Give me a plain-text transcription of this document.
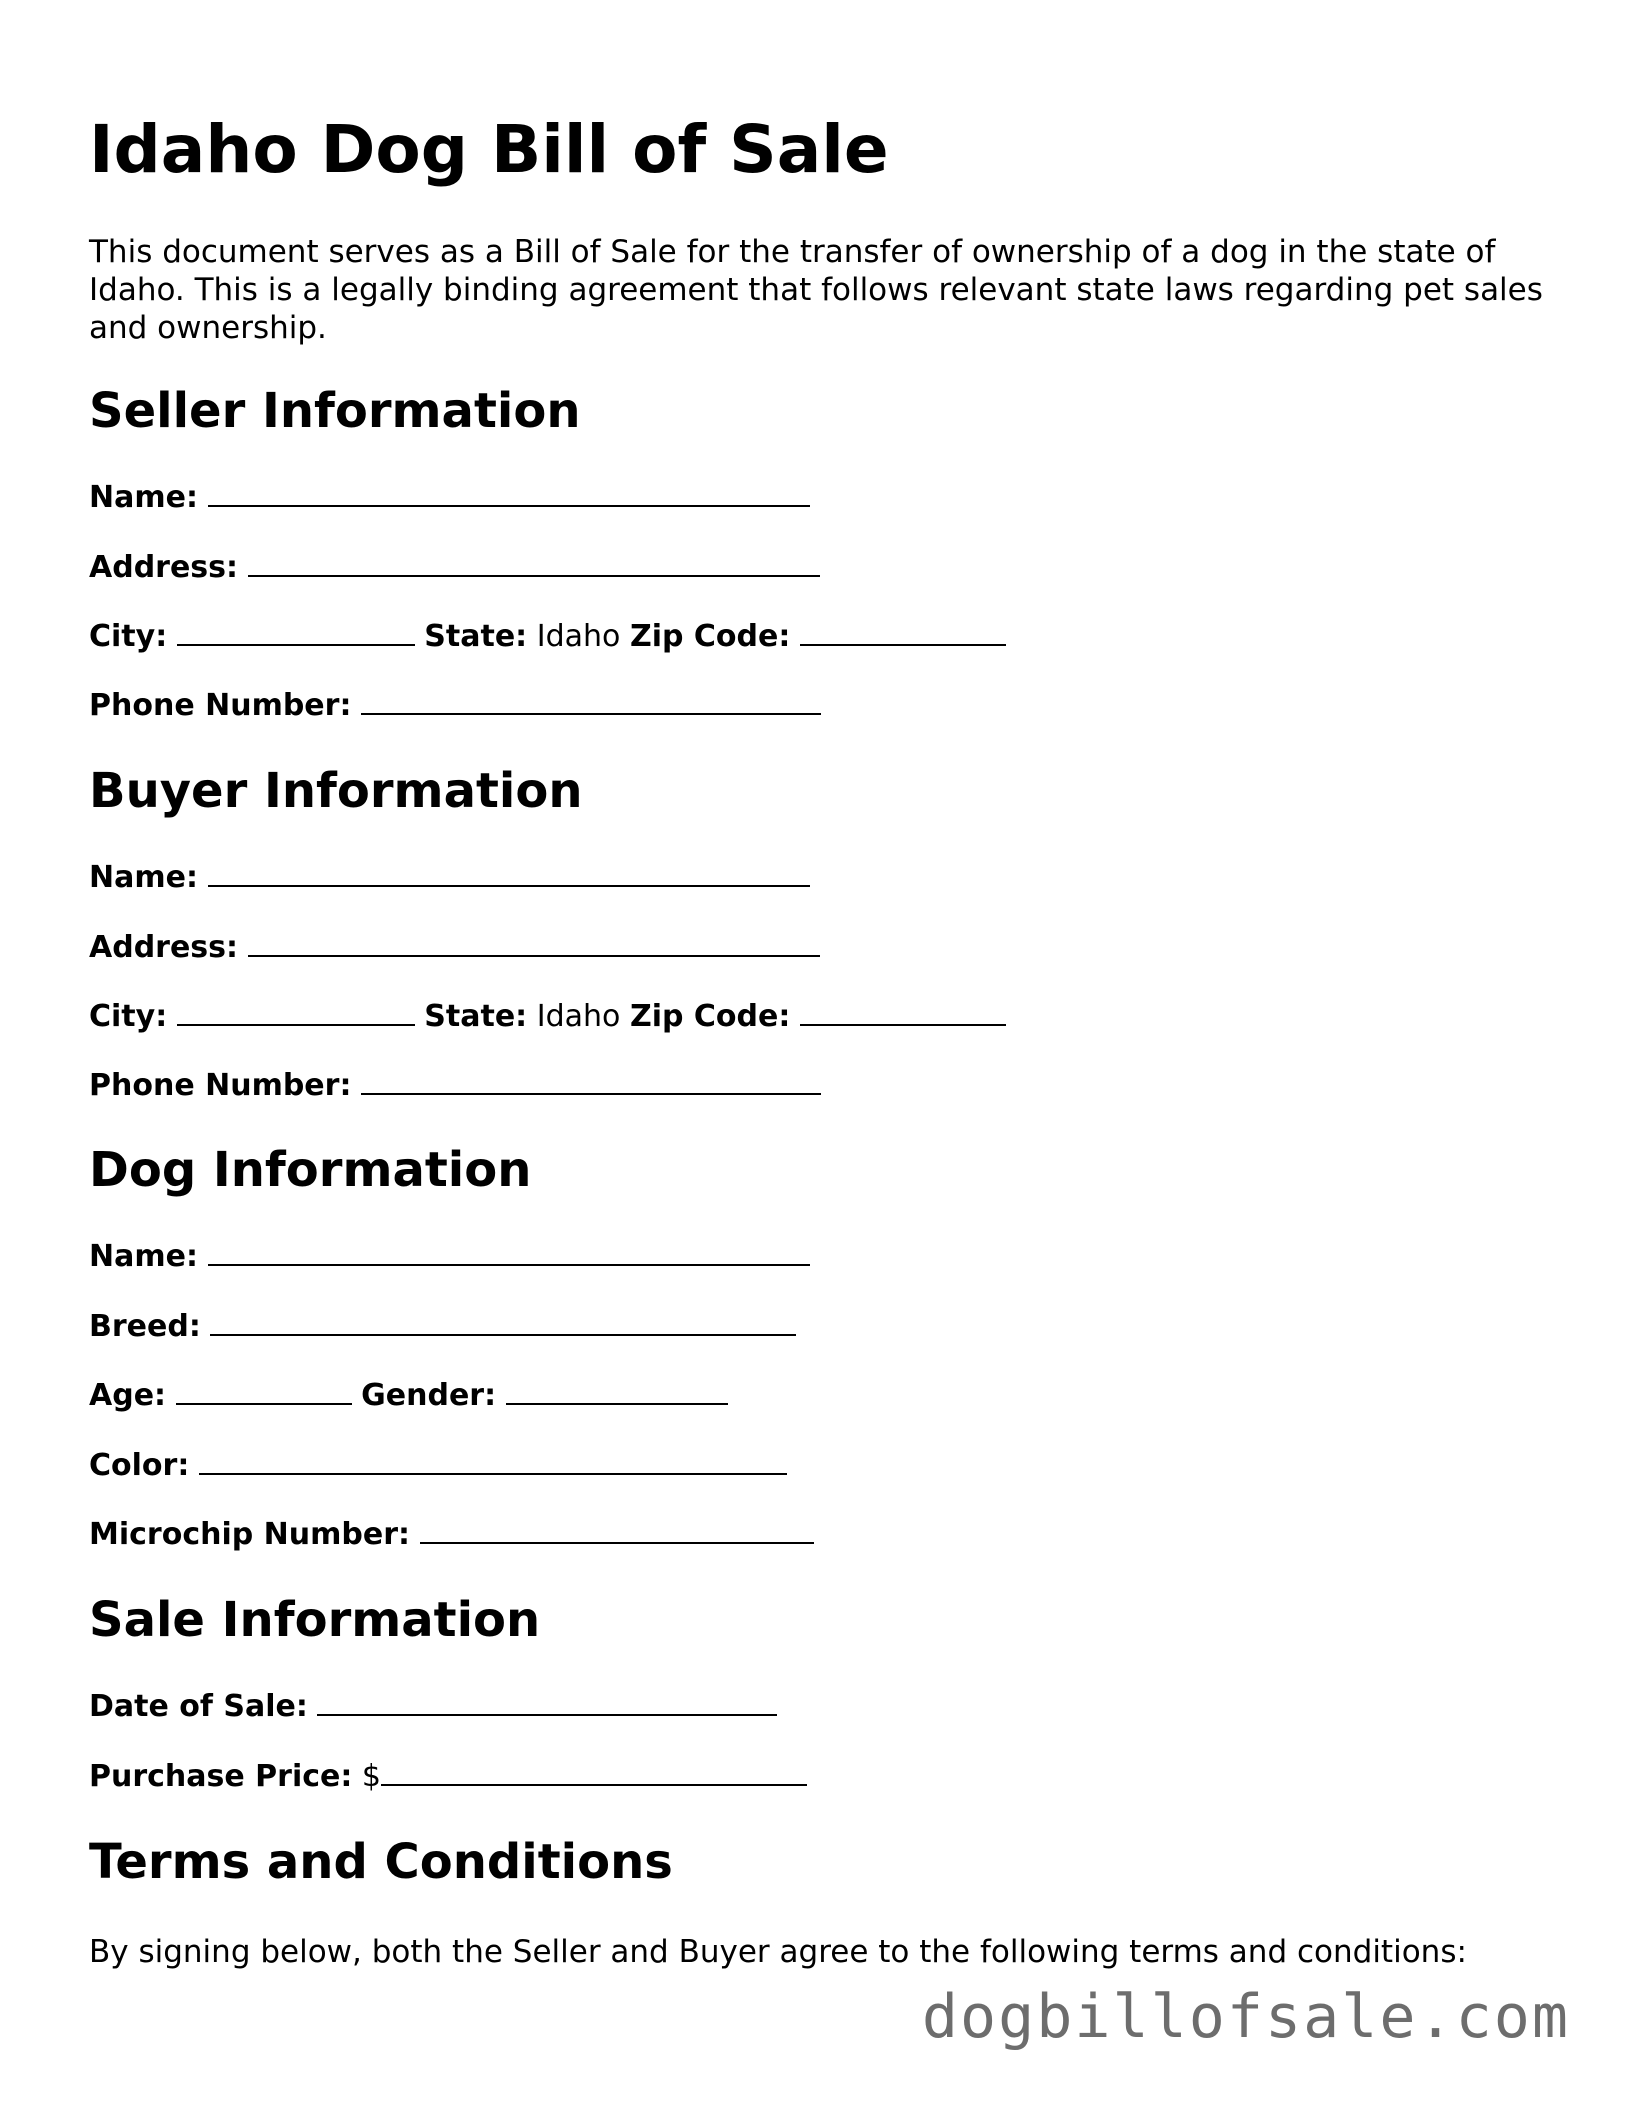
Idaho Dog Bill of Sale

This document serves as a Bill of Sale for the transfer of ownership of a dog in the state of Idaho. This is a legally binding agreement that follows relevant state laws regarding pet sales and ownership.

Seller Information
Name:
Address:
City:	State: Idaho Zip Code:
Phone Number:
Buyer Information
Name:
Address:
City:	State: Idaho Zip Code:
Phone Number:
Dog Information
Name:
Breed:
Age:	Gender:
Color:
Microchip Number:
Sale Information
Date of Sale:
Purchase Price: $
Terms and Conditions

By signing below, both the Seller and Buyer agree to the following terms and conditions:

dogbillofsale.com
